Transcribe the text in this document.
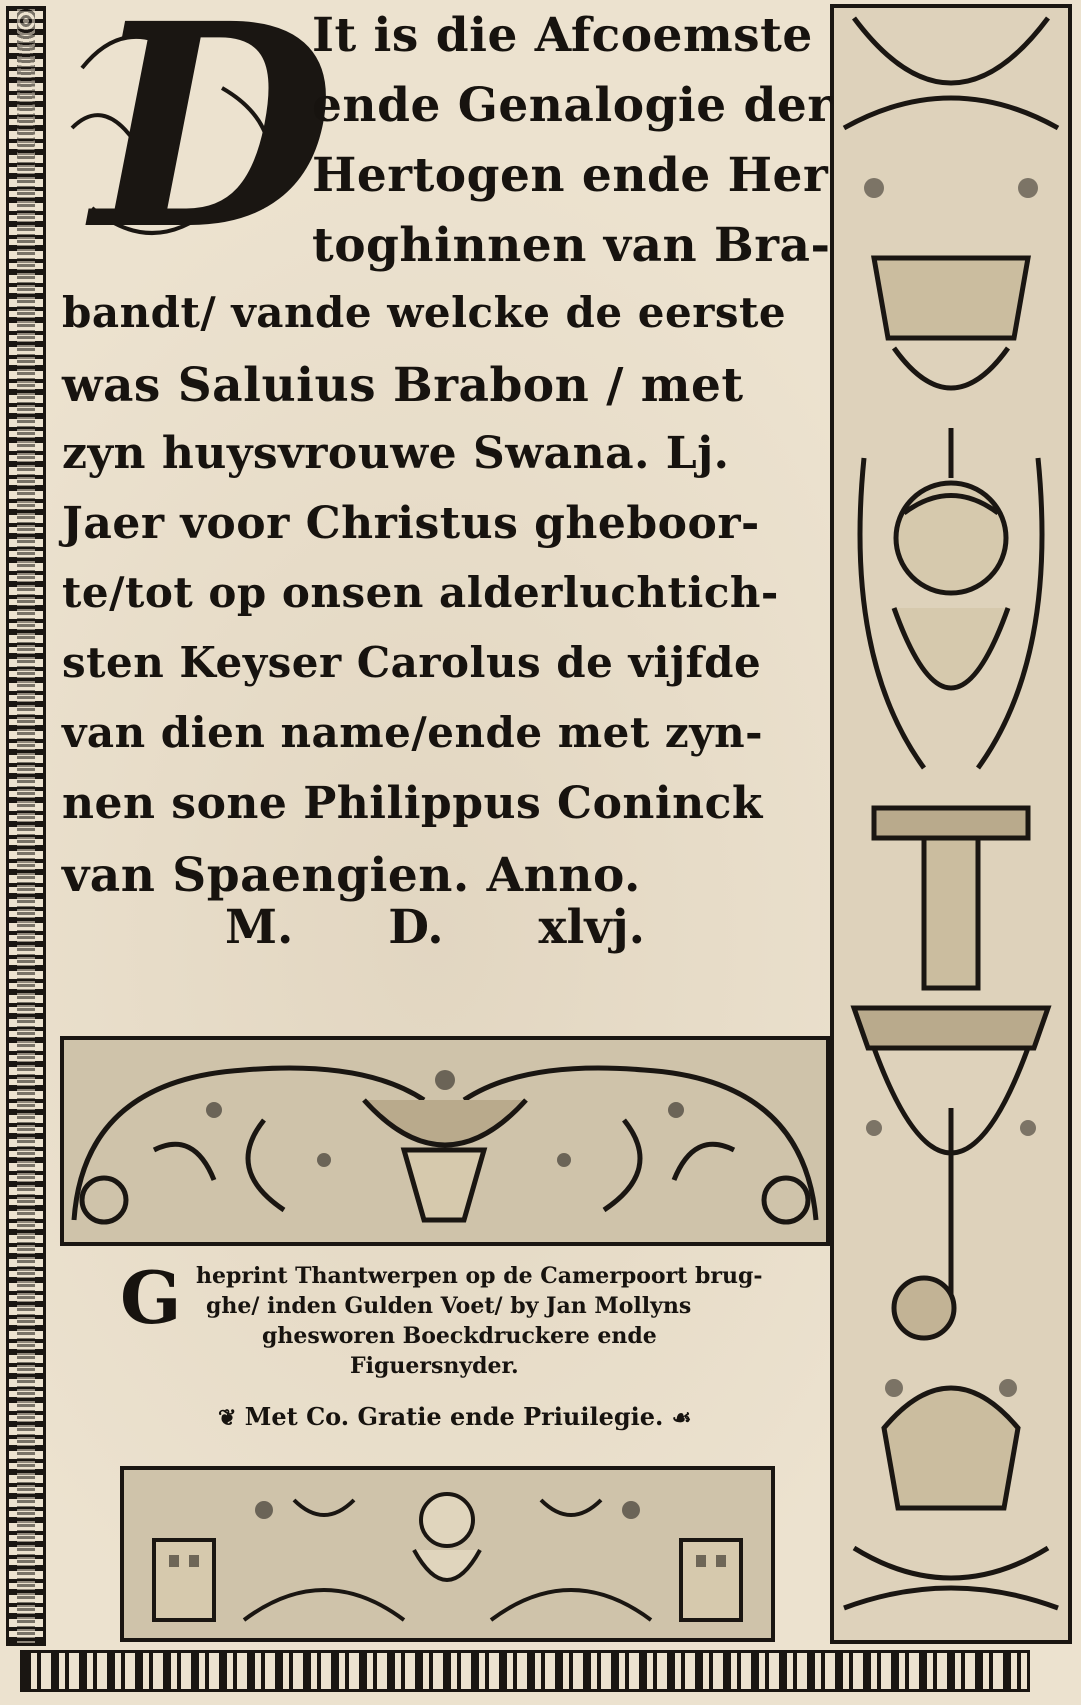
D
It is die Afcoemste
ende Genalogie der
Hertogen ende Her
toghinnen van Bra-
bandt/ vande welcke de eerste
was Saluius Brabon / met
zyn huysvrouwe Swana. Lj.
Jaer voor Christus gheboor-
te/tot op onsen alderluchtich-
sten Keyser Carolus de vijfde
van dien name/ende met zyn-
nen sone Philippus Coninck
van Spaengien. Anno.
M. D. xlvj.
G heprint Thantwerpen op de Camerpoort brug-
ghe/ inden Gulden Voet/ by Jan Mollyns
ghesworen Boeckdruckere ende
Figuersnyder.
❦ Met Co. Gratie ende Priuilegie. ☙
